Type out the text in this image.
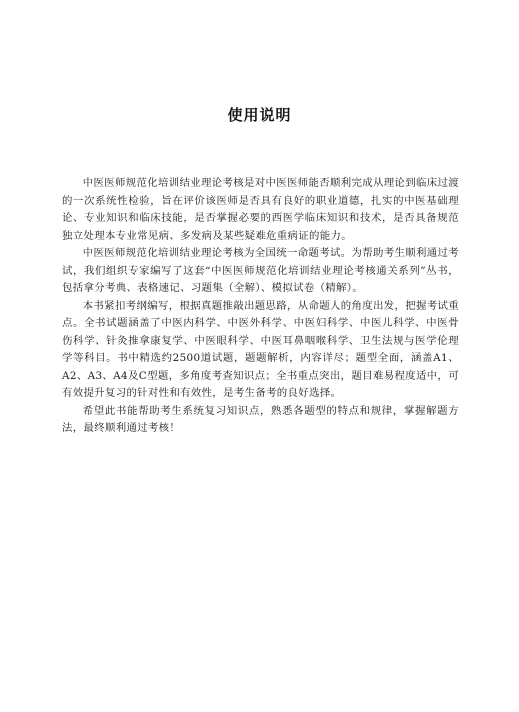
使用说明

中医医师规范化培训结业理论考核是对中医医师能否顺利完成从理论到临床过渡的一次系统性检验，旨在评价该医师是否具有良好的职业道德，扎实的中医基础理论、专业知识和临床技能，是否掌握必要的西医学临床知识和技术，是否具备规范独立处理本专业常见病、多发病及某些疑难危重病证的能力。

中医医师规范化培训结业理论考核为全国统一命题考试。为帮助考生顺利通过考试，我们组织专家编写了这套“中医医师规范化培训结业理论考核通关系列”丛书，包括拿分考典、表格速记、习题集（全解）、模拟试卷（精解）。

本书紧扣考纲编写，根据真题推敲出题思路，从命题人的角度出发，把握考试重点。全书试题涵盖了中医内科学、中医外科学、中医妇科学、中医儿科学、中医骨伤科学、针灸推拿康复学、中医眼科学、中医耳鼻咽喉科学、卫生法规与医学伦理学等科目。书中精选约2500道试题，题题解析，内容详尽；题型全面，涵盖A1、A2、A3、A4及C型题，多角度考查知识点；全书重点突出，题目难易程度适中，可有效提升复习的针对性和有效性，是考生备考的良好选择。

希望此书能帮助考生系统复习知识点，熟悉各题型的特点和规律，掌握解题方法，最终顺利通过考核！
